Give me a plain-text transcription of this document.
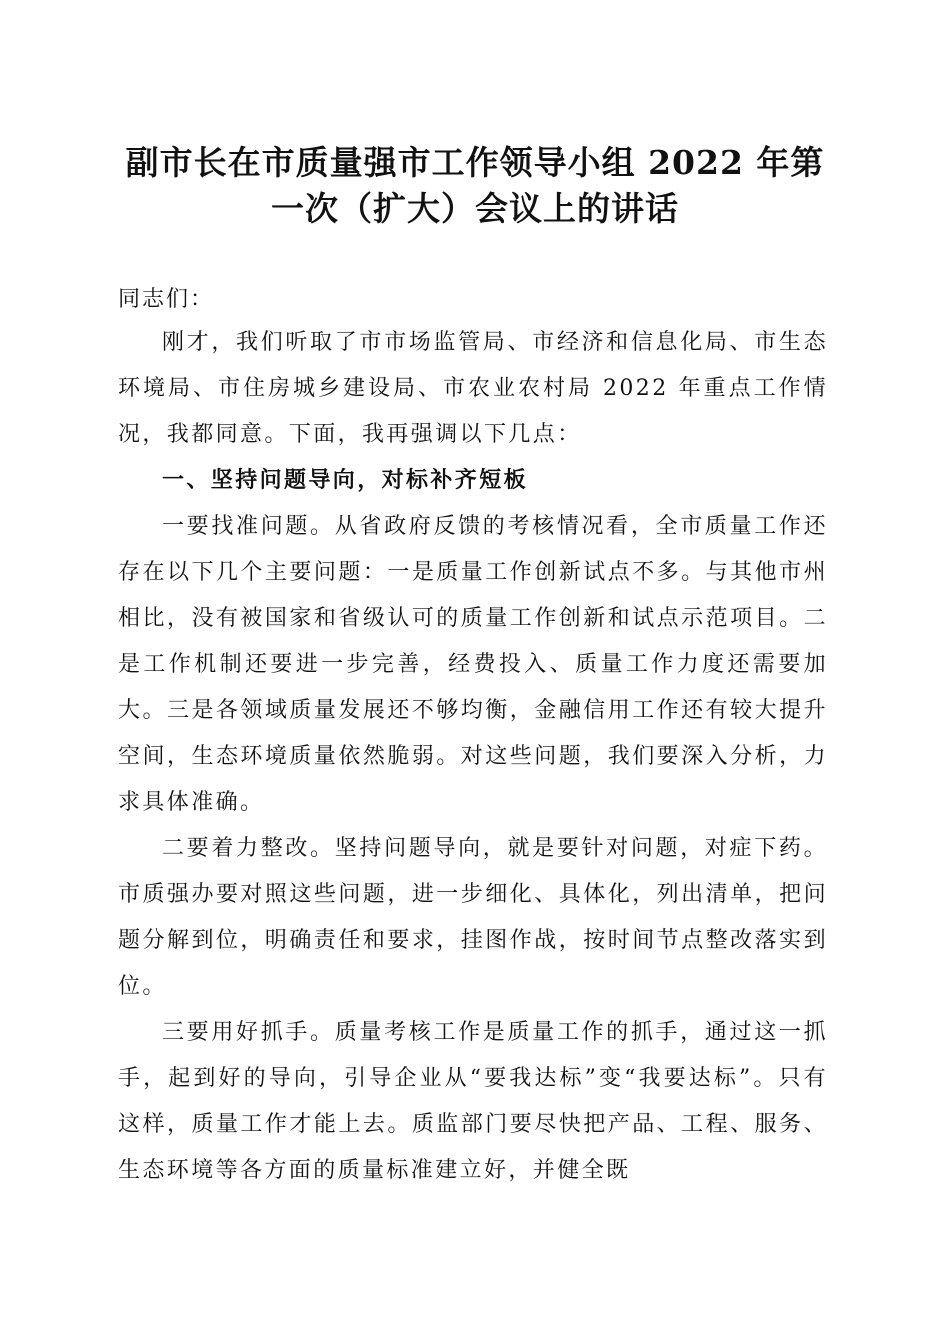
副市长在市质量强市工作领导小组 2022 年第
一次（扩大）会议上的讲话
同志们：

刚才，我们听取了市市场监管局、市经济和信息化局、市生态环境局、市住房城乡建设局、市农业农村局 2022 年重点工作情况，我都同意。下面，我再强调以下几点：

一、坚持问题导向，对标补齐短板

一要找准问题。从省政府反馈的考核情况看，全市质量工作还存在以下几个主要问题：一是质量工作创新试点不多。与其他市州相比，没有被国家和省级认可的质量工作创新和试点示范项目。二是工作机制还要进一步完善，经费投入、质量工作力度还需要加大。三是各领域质量发展还不够均衡，金融信用工作还有较大提升空间，生态环境质量依然脆弱。对这些问题，我们要深入分析，力求具体准确。

二要着力整改。坚持问题导向，就是要针对问题，对症下药。市质强办要对照这些问题，进一步细化、具体化，列出清单，把问题分解到位，明确责任和要求，挂图作战，按时间节点整改落实到位。

三要用好抓手。质量考核工作是质量工作的抓手，通过这一抓手，起到好的导向，引导企业从“要我达标”变“我要达标”。只有这样，质量工作才能上去。质监部门要尽快把产品、工程、服务、生态环境等各方面的质量标准建立好，并健全既
